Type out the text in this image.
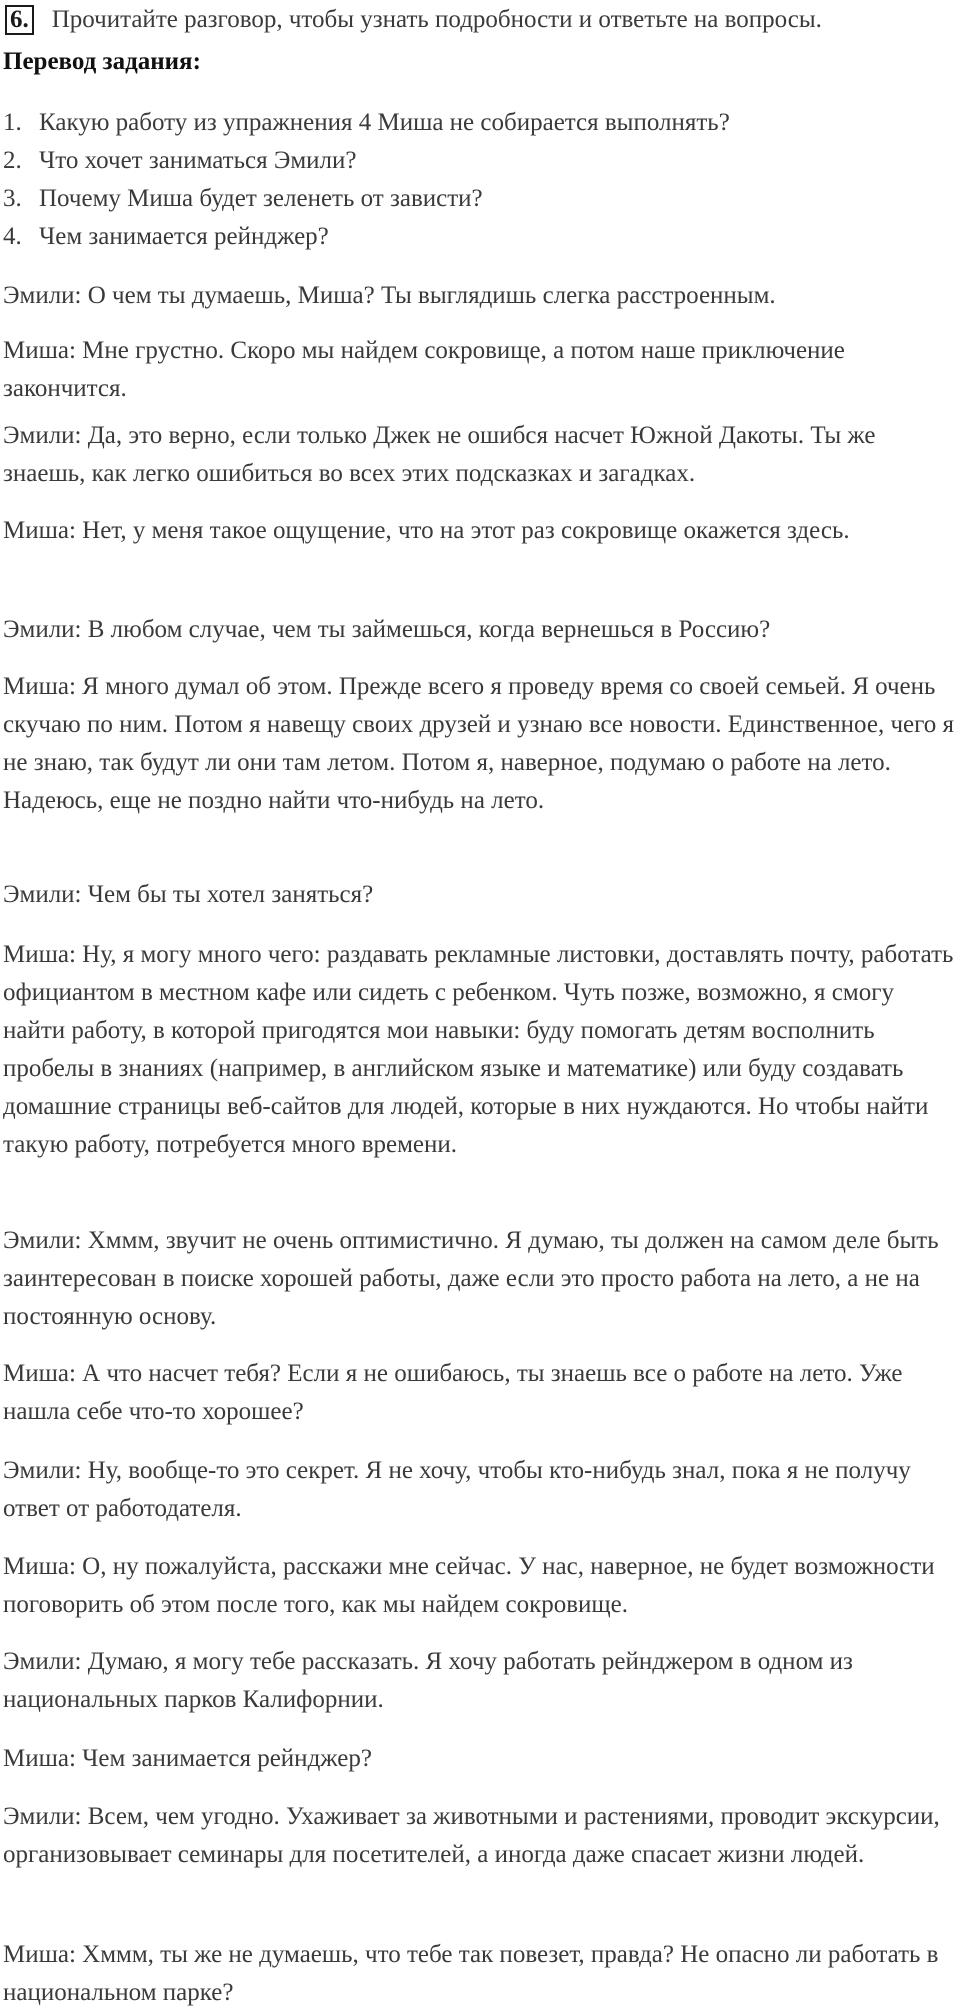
6. Прочитайте разговор, чтобы узнать подробности и ответьте на вопросы.
Перевод задания:
1. Какую работу из упражнения 4 Миша не собирается выполнять?
2. Что хочет заниматься Эмили?
3. Почему Миша будет зеленеть от зависти?
4. Чем занимается рейнджер?

Эмили: О чем ты думаешь, Миша? Ты выглядишь слегка расстроенным.

Миша: Мне грустно. Скоро мы найдем сокровище, а потом наше приключение закончится.

Эмили: Да, это верно, если только Джек не ошибся насчет Южной Дакоты. Ты же знаешь, как легко ошибиться во всех этих подсказках и загадках.

Миша: Нет, у меня такое ощущение, что на этот раз сокровище окажется здесь.

Эмили: В любом случае, чем ты займешься, когда вернешься в Россию?

Миша: Я много думал об этом. Прежде всего я проведу время со своей семьей. Я очень скучаю по ним. Потом я навещу своих друзей и узнаю все новости. Единственное, чего я не знаю, так будут ли они там летом. Потом я, наверное, подумаю о работе на лето. Надеюсь, еще не поздно найти что-нибудь на лето.

Эмили: Чем бы ты хотел заняться?

Миша: Ну, я могу много чего: раздавать рекламные листовки, доставлять почту, работать официантом в местном кафе или сидеть с ребенком. Чуть позже, возможно, я смогу найти работу, в которой пригодятся мои навыки: буду помогать детям восполнить пробелы в знаниях (например, в английском языке и математике) или буду создавать домашние страницы веб-сайтов для людей, которые в них нуждаются. Но чтобы найти такую работу, потребуется много времени.

Эмили: Хммм, звучит не очень оптимистично. Я думаю, ты должен на самом деле быть заинтересован в поиске хорошей работы, даже если это просто работа на лето, а не на постоянную основу.

Миша: А что насчет тебя? Если я не ошибаюсь, ты знаешь все о работе на лето. Уже нашла себе что-то хорошее?

Эмили: Ну, вообще-то это секрет. Я не хочу, чтобы кто-нибудь знал, пока я не получу ответ от работодателя.

Миша: О, ну пожалуйста, расскажи мне сейчас. У нас, наверное, не будет возможности поговорить об этом после того, как мы найдем сокровище.

Эмили: Думаю, я могу тебе рассказать. Я хочу работать рейнджером в одном из национальных парков Калифорнии.

Миша: Чем занимается рейнджер?

Эмили: Всем, чем угодно. Ухаживает за животными и растениями, проводит экскурсии, организовывает семинары для посетителей, а иногда даже спасает жизни людей.

Миша: Хммм, ты же не думаешь, что тебе так повезет, правда? Не опасно ли работать в национальном парке?
